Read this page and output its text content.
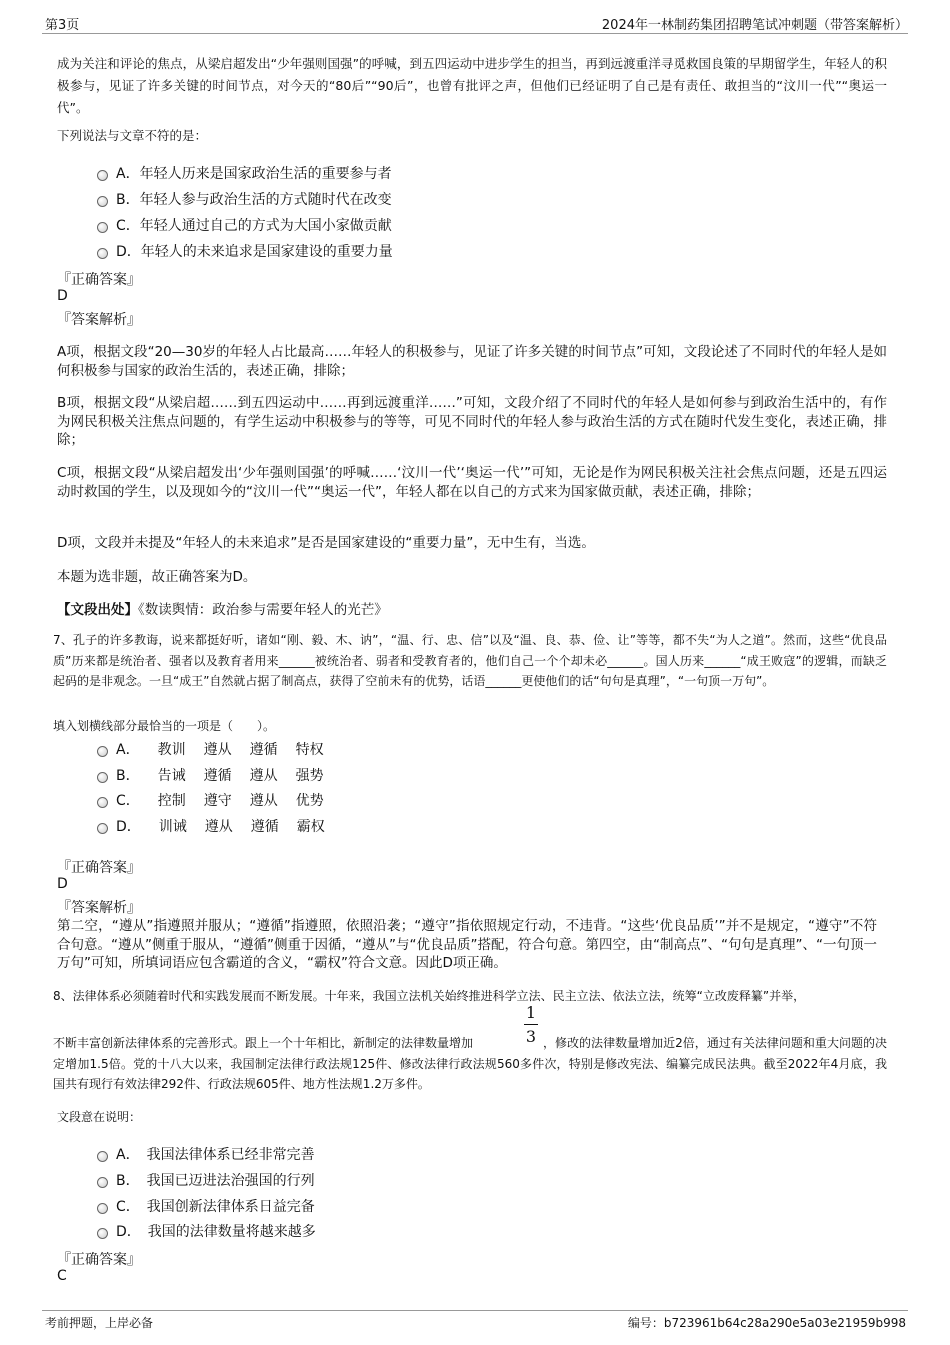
第3页	2024年一林制药集团招聘笔试冲刺题（带答案解析）
成为关注和评论的焦点，从梁启超发出“少年强则国强”的呼喊，到五四运动中进步学生的担当，再到远渡重洋寻觅救国良策的早期留学生，年轻人的积极参与，见证了许多关键的时间节点，对今天的“80后”“90后”，也曾有批评之声，但他们已经证明了自己是有责任、敢担当的“汶川一代”“奥运一代”。
下列说法与文章不符的是：
A．年轻人历来是国家政治生活的重要参与者
B．年轻人参与政治生活的方式随时代在改变
C．年轻人通过自己的方式为大国小家做贡献
D．年轻人的未来追求是国家建设的重要力量
『正确答案』
D
『答案解析』
A项，根据文段“20—30岁的年轻人占比最高……年轻人的积极参与，见证了许多关键的时间节点”可知，文段论述了不同时代的年轻人是如何积极参与国家的政治生活的，表述正确，排除；
B项，根据文段“从梁启超……到五四运动中……再到远渡重洋……”可知，文段介绍了不同时代的年轻人是如何参与到政治生活中的，有作为网民积极关注焦点问题的，有学生运动中积极参与的等等，可见不同时代的年轻人参与政治生活的方式在随时代发生变化，表述正确，排除；
C项，根据文段“从梁启超发出‘少年强则国强’的呼喊……‘汶川一代’‘奥运一代’”可知，无论是作为网民积极关注社会焦点问题，还是五四运动时救国的学生，以及现如今的“汶川一代”“奥运一代”，年轻人都在以自己的方式来为国家做贡献，表述正确，排除；
D项，文段并未提及“年轻人的未来追求”是否是国家建设的“重要力量”，无中生有，当选。
本题为选非题，故正确答案为D。
【文段出处】《数读舆情：政治参与需要年轻人的光芒》
7、孔子的许多教诲，说来都挺好听，诸如“刚、毅、木、讷”，“温、行、忠、信”以及“温、良、恭、俭、让”等等，都不失“为人之道”。然而，这些“优良品质”历来都是统治者、强者以及教育者用来______被统治者、弱者和受教育者的，他们自己一个个却未必______。国人历来______“成王败寇”的逻辑，而缺乏起码的是非观念。一旦“成王”自然就占据了制高点，获得了空前未有的优势，话语______更使他们的话“句句是真理”，“一句顶一万句”。
填入划横线部分最恰当的一项是（　　）。
A． 教训 遵从 遵循 特权
B． 告诫 遵循 遵从 强势
C． 控制 遵守 遵从 优势
D． 训诫 遵从 遵循 霸权
『正确答案』
D
『答案解析』
第二空，“遵从”指遵照并服从；“遵循”指遵照，依照沿袭；“遵守”指依照规定行动，不违背。“这些‘优良品质’”并不是规定，“遵守”不符合句意。“遵从”侧重于服从，“遵循”侧重于因循，“遵从”与“优良品质”搭配，符合句意。第四空，由“制高点”、“句句是真理”、“一句顶一万句”可知，所填词语应包含霸道的含义，“霸权”符合文意。因此D项正确。
8、法律体系必须随着时代和实践发展而不断发展。十年来，我国立法机关始终推进科学立法、民主立法、依法立法，统筹“立改废释纂”并举，
1
3
不断丰富创新法律体系的完善形式。跟上一个十年相比，新制定的法律数量增加	，修改的法律数量增加近2倍，通过有关法律问题和重大问题的决定增加1.5倍。党的十八大以来，我国制定法律行政法规125件、修改法律行政法规560多件次，特别是修改宪法、编纂完成民法典。截至2022年4月底，我国共有现行有效法律292件、行政法规605件、地方性法规1.2万多件。
文段意在说明：
A．　我国法律体系已经非常完善
B．　我国已迈进法治强国的行列
C．　我国创新法律体系日益完备
D．　我国的法律数量将越来越多
『正确答案』
C
考前押题，上岸必备	编号：b723961b64c28a290e5a03e21959b998
